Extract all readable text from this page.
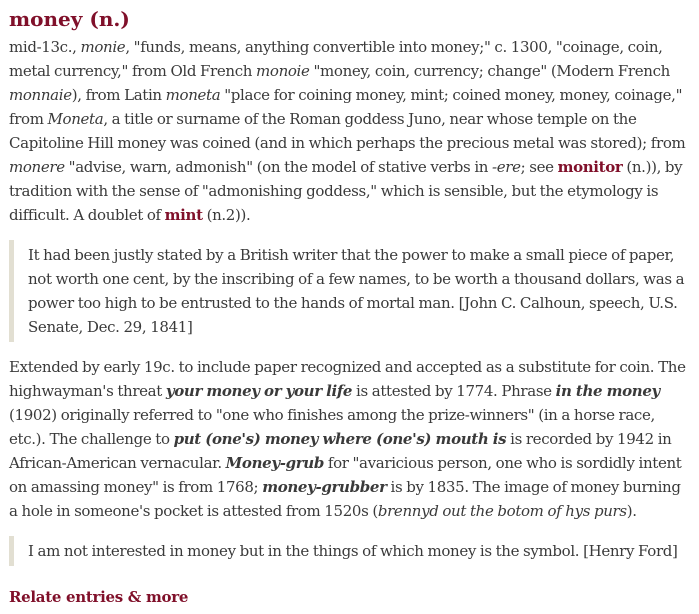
money (n.)

mid-13c., monie, "funds, means, anything convertible into money;" c. 1300, "coinage, coin, metal currency," from Old French monoie "money, coin, currency; change" (Modern French monnaie), from Latin moneta "place for coining money, mint; coined money, money, coinage," from Moneta, a title or surname of the Roman goddess Juno, near whose temple on the Capitoline Hill money was coined (and in which perhaps the precious metal was stored); from monere "advise, warn, admonish" (on the model of stative verbs in -ere; see monitor (n.)), by tradition with the sense of "admonishing goddess," which is sensible, but the etymology is difficult. A doublet of mint (n.2)).

It had been justly stated by a British writer that the power to make a small piece of paper, not worth one cent, by the inscribing of a few names, to be worth a thousand dollars, was a power too high to be entrusted to the hands of mortal man. [John C. Calhoun, speech, U.S. Senate, Dec. 29, 1841]

Extended by early 19c. to include paper recognized and accepted as a substitute for coin. The highwayman's threat your money or your life is attested by 1774. Phrase in the money (1902) originally referred to "one who finishes among the prize-winners" (in a horse race, etc.). The challenge to put (one's) money where (one's) mouth is is recorded by 1942 in African-American vernacular. Money-grub for "avaricious person, one who is sordidly intent on amassing money" is from 1768; money-grubber is by 1835. The image of money burning a hole in someone's pocket is attested from 1520s (brennyd out the botom of hys purs).

I am not interested in money but in the things of which money is the symbol. [Henry Ford]
Relate entries & more
